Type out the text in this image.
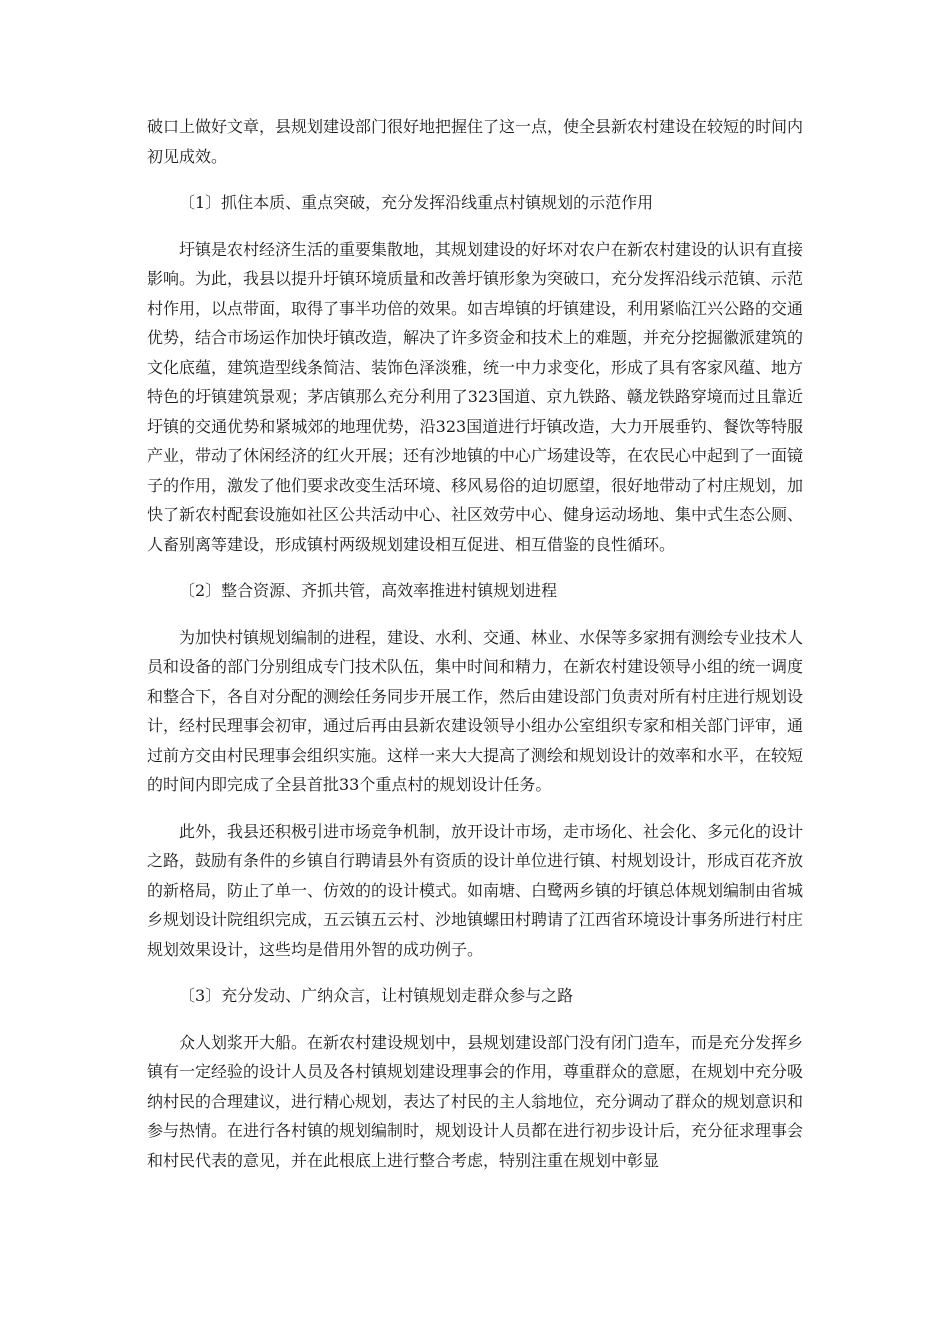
破口上做好文章，县规划建设部门很好地把握住了这一点，使全县新农村建设在较短的时间内初见成效。

〔1〕抓住本质、重点突破，充分发挥沿线重点村镇规划的示范作用

圩镇是农村经济生活的重要集散地，其规划建设的好坏对农户在新农村建设的认识有直接影响。为此，我县以提升圩镇环境质量和改善圩镇形象为突破口，充分发挥沿线示范镇、示范村作用，以点带面，取得了事半功倍的效果。如吉埠镇的圩镇建设，利用紧临江兴公路的交通优势，结合市场运作加快圩镇改造，解决了许多资金和技术上的难题，并充分挖掘徽派建筑的文化底蕴，建筑造型线条简洁、装饰色泽淡雅，统一中力求变化，形成了具有客家风蕴、地方特色的圩镇建筑景观；茅店镇那么充分利用了323国道、京九铁路、赣龙铁路穿境而过且靠近圩镇的交通优势和紧城郊的地理优势，沿323国道进行圩镇改造，大力开展垂钓、餐饮等特服产业，带动了休闲经济的红火开展；还有沙地镇的中心广场建设等，在农民心中起到了一面镜子的作用，激发了他们要求改变生活环境、移风易俗的迫切愿望，很好地带动了村庄规划，加快了新农村配套设施如社区公共活动中心、社区效劳中心、健身运动场地、集中式生态公厕、人畜别离等建设，形成镇村两级规划建设相互促进、相互借鉴的良性循环。

〔2〕整合资源、齐抓共管，高效率推进村镇规划进程

为加快村镇规划编制的进程，建设、水利、交通、林业、水保等多家拥有测绘专业技术人员和设备的部门分别组成专门技术队伍，集中时间和精力，在新农村建设领导小组的统一调度和整合下，各自对分配的测绘任务同步开展工作，然后由建设部门负责对所有村庄进行规划设计，经村民理事会初审，通过后再由县新农建设领导小组办公室组织专家和相关部门评审，通过前方交由村民理事会组织实施。这样一来大大提高了测绘和规划设计的效率和水平，在较短的时间内即完成了全县首批33个重点村的规划设计任务。

此外，我县还积极引进市场竞争机制，放开设计市场，走市场化、社会化、多元化的设计之路，鼓励有条件的乡镇自行聘请县外有资质的设计单位进行镇、村规划设计，形成百花齐放的新格局，防止了单一、仿效的的设计模式。如南塘、白鹭两乡镇的圩镇总体规划编制由省城乡规划设计院组织完成，五云镇五云村、沙地镇螺田村聘请了江西省环境设计事务所进行村庄规划效果设计，这些均是借用外智的成功例子。

〔3〕充分发动、广纳众言，让村镇规划走群众参与之路

众人划浆开大船。在新农村建设规划中，县规划建设部门没有闭门造车，而是充分发挥乡镇有一定经验的设计人员及各村镇规划建设理事会的作用，尊重群众的意愿，在规划中充分吸纳村民的合理建议，进行精心规划，表达了村民的主人翁地位，充分调动了群众的规划意识和参与热情。在进行各村镇的规划编制时，规划设计人员都在进行初步设计后，充分征求理事会和村民代表的意见，并在此根底上进行整合考虑，特别注重在规划中彰显
